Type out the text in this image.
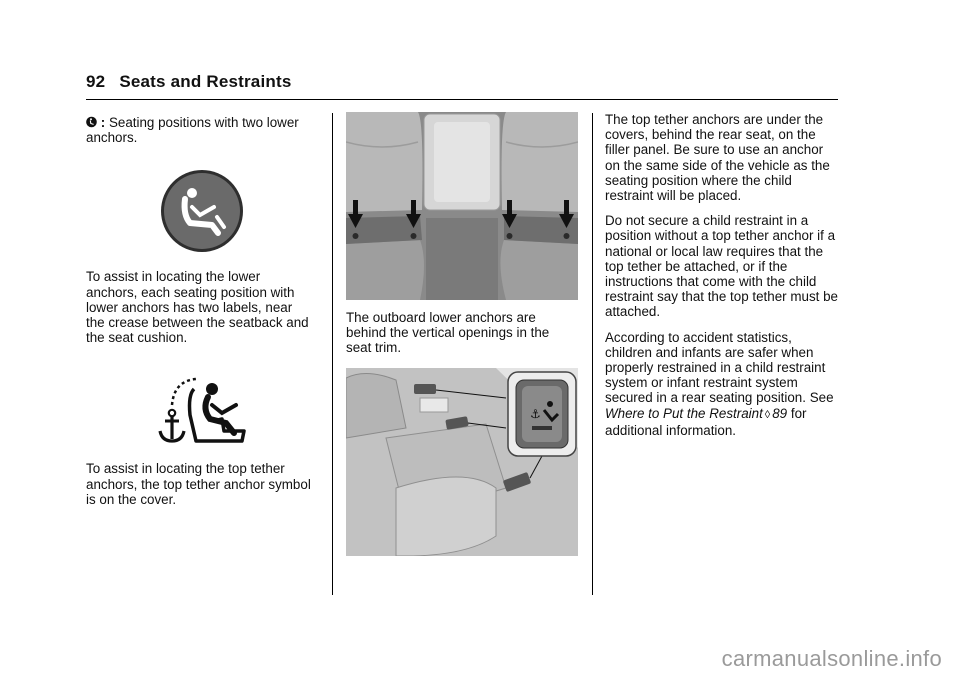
92 Seats and Restraints

: Seating positions with two lower anchors.

To assist in locating the lower anchors, each seating position with lower anchors has two labels, near the crease between the seatback and the seat cushion.

To assist in locating the top tether anchors, the top tether anchor symbol is on the cover.

The outboard lower anchors are behind the vertical openings in the seat trim.

⚓

The top tether anchors are under the covers, behind the rear seat, on the filler panel. Be sure to use an anchor on the same side of the vehicle as the seating position where the child restraint will be placed.

Do not secure a child restraint in a position without a top tether anchor if a national or local law requires that the top tether be attached, or if the instructions that come with the child restraint say that the top tether must be attached.

According to accident statistics, children and infants are safer when properly restrained in a child restraint system or infant restraint system secured in a rear seating position. See Where to Put the Restraint ◊ 89 for additional information.

carmanualsonline.info
